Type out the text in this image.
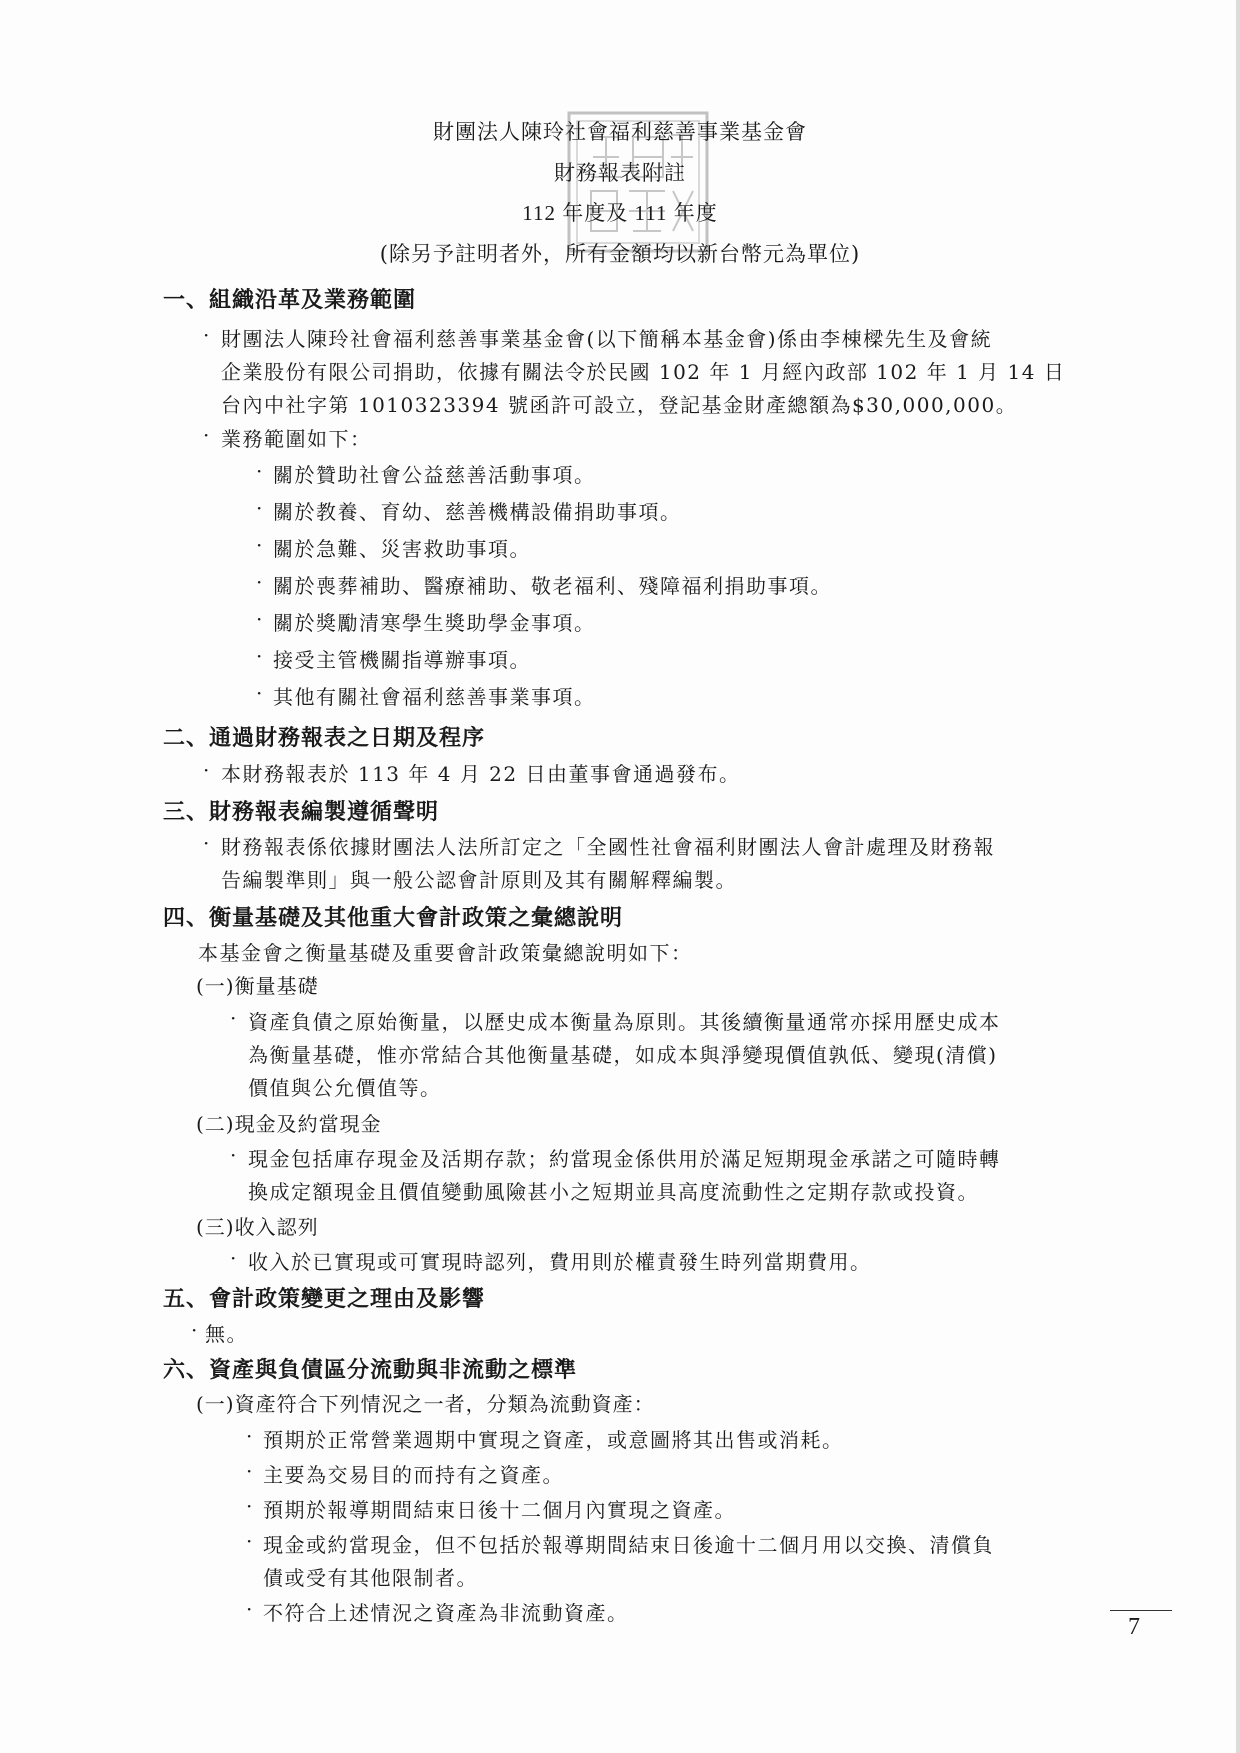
財團法人陳玲社會福利慈善事業基金會
財務報表附註
112 年度及 111 年度
(除另予註明者外，所有金額均以新台幣元為單位)
一、組織沿革及業務範圍
· 財團法人陳玲社會福利慈善事業基金會(以下簡稱本基金會)係由李棟樑先生及會統
企業股份有限公司捐助，依據有關法令於民國 102 年 1 月經內政部 102 年 1 月 14 日
台內中社字第 1010323394 號函許可設立，登記基金財產總額為$30,000,000。
· 業務範圍如下：
· 關於贊助社會公益慈善活動事項。
· 關於教養、育幼、慈善機構設備捐助事項。
· 關於急難、災害救助事項。
· 關於喪葬補助、醫療補助、敬老福利、殘障福利捐助事項。
· 關於獎勵清寒學生獎助學金事項。
· 接受主管機關指導辦事項。
· 其他有關社會福利慈善事業事項。
二、通過財務報表之日期及程序
· 本財務報表於 113 年 4 月 22 日由董事會通過發布。
三、財務報表編製遵循聲明
· 財務報表係依據財團法人法所訂定之「全國性社會福利財團法人會計處理及財務報
告編製準則」與一般公認會計原則及其有關解釋編製。
四、衡量基礎及其他重大會計政策之彙總說明
本基金會之衡量基礎及重要會計政策彙總說明如下：
(一)衡量基礎
· 資產負債之原始衡量，以歷史成本衡量為原則。其後續衡量通常亦採用歷史成本
為衡量基礎，惟亦常結合其他衡量基礎，如成本與淨變現價值孰低、變現(清償)
價值與公允價值等。
(二)現金及約當現金
· 現金包括庫存現金及活期存款；約當現金係供用於滿足短期現金承諾之可隨時轉
換成定額現金且價值變動風險甚小之短期並具高度流動性之定期存款或投資。
(三)收入認列
· 收入於已實現或可實現時認列，費用則於權責發生時列當期費用。
五、會計政策變更之理由及影響
· 無。
六、資產與負債區分流動與非流動之標準
(一)資產符合下列情況之一者，分類為流動資產：
· 預期於正常營業週期中實現之資產，或意圖將其出售或消耗。
· 主要為交易目的而持有之資產。
· 預期於報導期間結束日後十二個月內實現之資產。
· 現金或約當現金，但不包括於報導期間結束日後逾十二個月用以交換、清償負
債或受有其他限制者。
· 不符合上述情況之資產為非流動資產。
7
